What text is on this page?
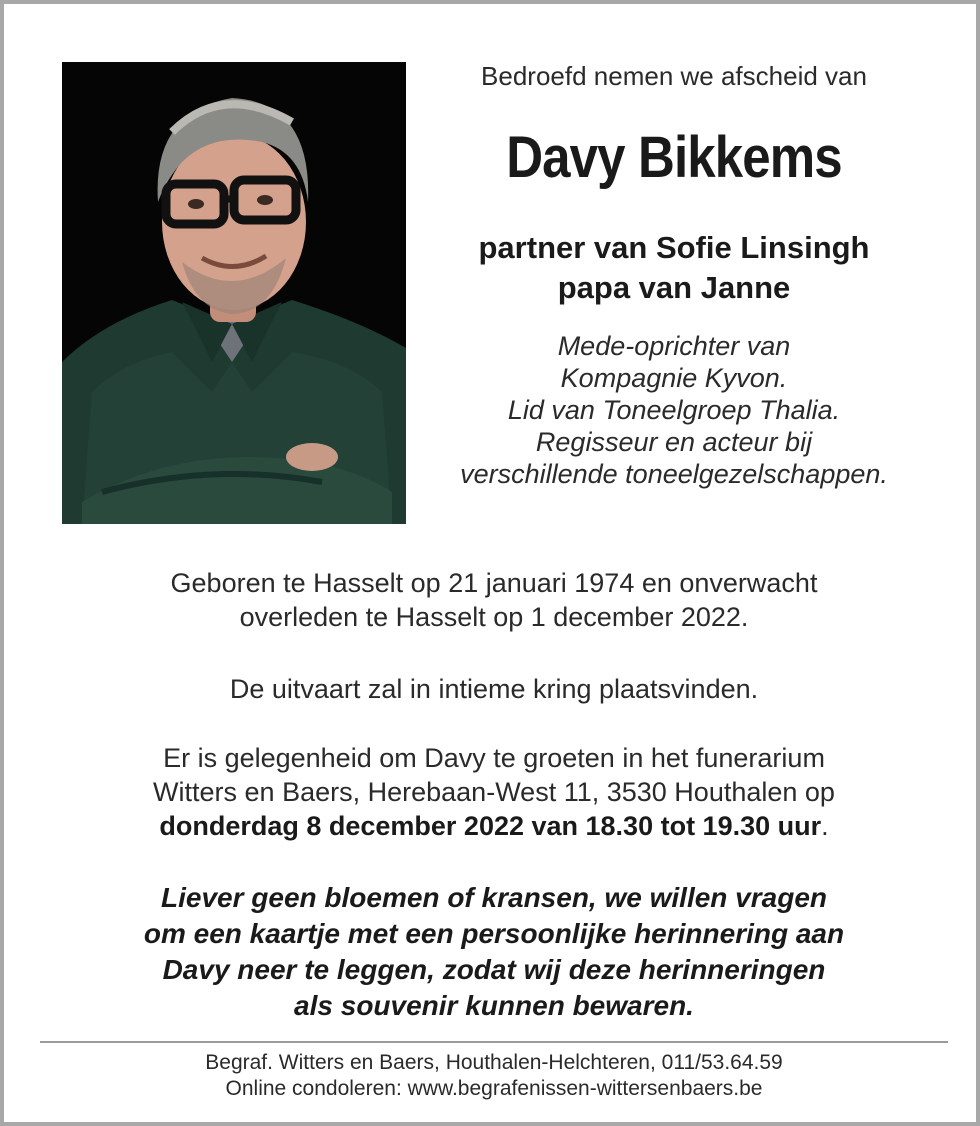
Bedroefd nemen we afscheid van
Davy Bikkems
partner van Sofie Linsingh
papa van Janne
Mede-oprichter van
Kompagnie Kyvon.
Lid van Toneelgroep Thalia.
Regisseur en acteur bij
verschillende toneelgezelschappen.
Geboren te Hasselt op 21 januari 1974 en onverwacht
overleden te Hasselt op 1 december 2022.
De uitvaart zal in intieme kring plaatsvinden.
Er is gelegenheid om Davy te groeten in het funerarium
Witters en Baers, Herebaan-West 11, 3530 Houthalen op
donderdag 8 december 2022 van 18.30 tot 19.30 uur.
Liever geen bloemen of kransen, we willen vragen
om een kaartje met een persoonlijke herinnering aan
Davy neer te leggen, zodat wij deze herinneringen
als souvenir kunnen bewaren.
Begraf. Witters en Baers, Houthalen-Helchteren, 011/53.64.59
Online condoleren: www.begrafenissen-wittersenbaers.be
